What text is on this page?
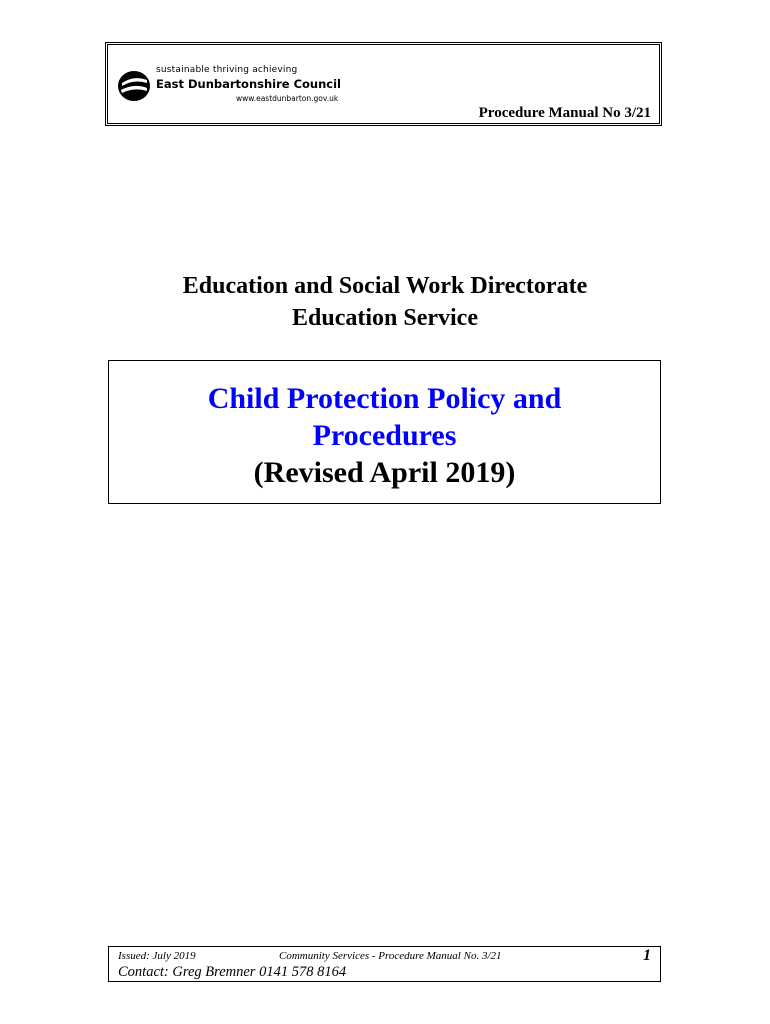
sustainable thriving achieving
East Dunbartonshire Council
www.eastdunbarton.gov.uk
Procedure Manual No 3/21
Education and Social Work Directorate
Education Service
Child Protection Policy and
Procedures
(Revised April 2019)
Issued: July 2019	Community Services - Procedure Manual No. 3/21	1
Contact: Greg Bremner 0141 578 8164
